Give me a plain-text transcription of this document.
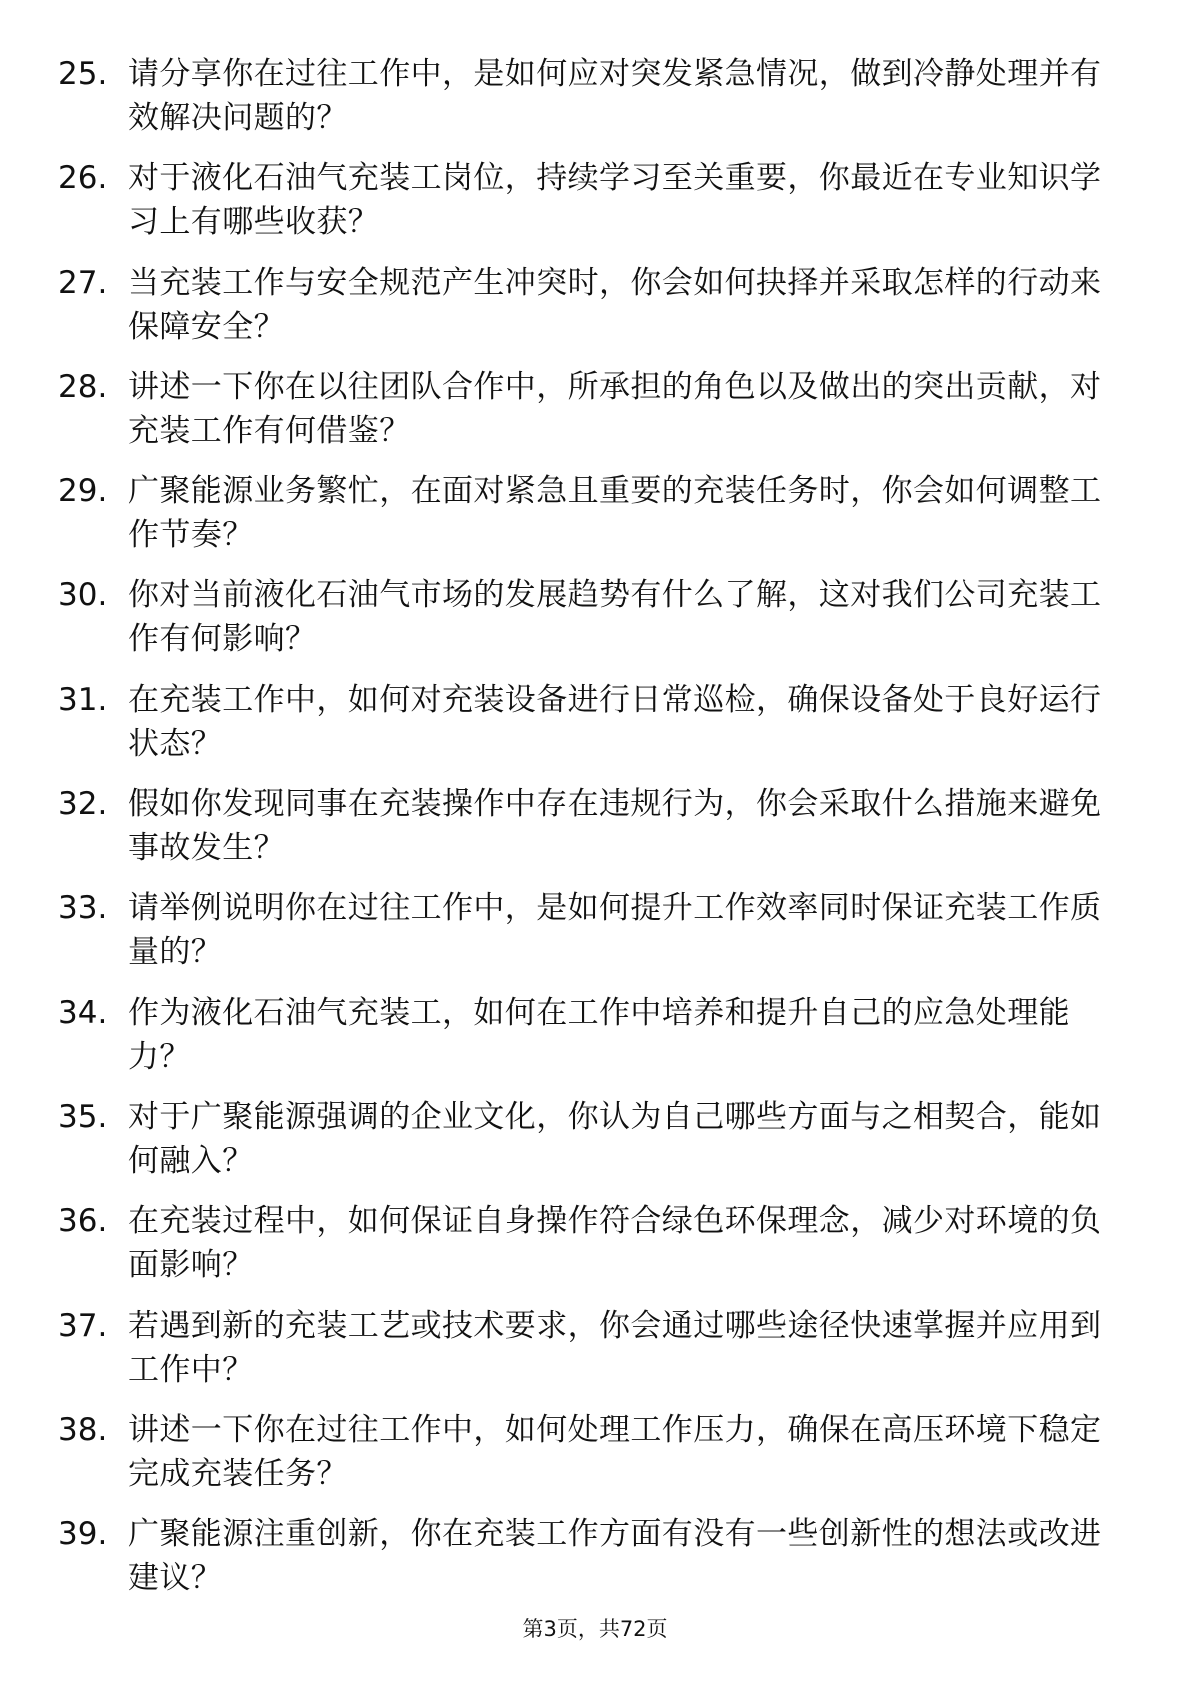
25. 请分享你在过往工作中，是如何应对突发紧急情况，做到冷静处理并有效解决问题的？
26. 对于液化石油气充装工岗位，持续学习至关重要，你最近在专业知识学习上有哪些收获？
27. 当充装工作与安全规范产生冲突时，你会如何抉择并采取怎样的行动来保障安全？
28. 讲述一下你在以往团队合作中，所承担的角色以及做出的突出贡献，对充装工作有何借鉴？
29. 广聚能源业务繁忙，在面对紧急且重要的充装任务时，你会如何调整工作节奏？
30. 你对当前液化石油气市场的发展趋势有什么了解，这对我们公司充装工作有何影响？
31. 在充装工作中，如何对充装设备进行日常巡检，确保设备处于良好运行状态？
32. 假如你发现同事在充装操作中存在违规行为，你会采取什么措施来避免事故发生？
33. 请举例说明你在过往工作中，是如何提升工作效率同时保证充装工作质量的？
34. 作为液化石油气充装工，如何在工作中培养和提升自己的应急处理能力？
35. 对于广聚能源强调的企业文化，你认为自己哪些方面与之相契合，能如何融入？
36. 在充装过程中，如何保证自身操作符合绿色环保理念，减少对环境的负面影响？
37. 若遇到新的充装工艺或技术要求，你会通过哪些途径快速掌握并应用到工作中？
38. 讲述一下你在过往工作中，如何处理工作压力，确保在高压环境下稳定完成充装任务？
39. 广聚能源注重创新，你在充装工作方面有没有一些创新性的想法或改进建议？
第3页，共72页
